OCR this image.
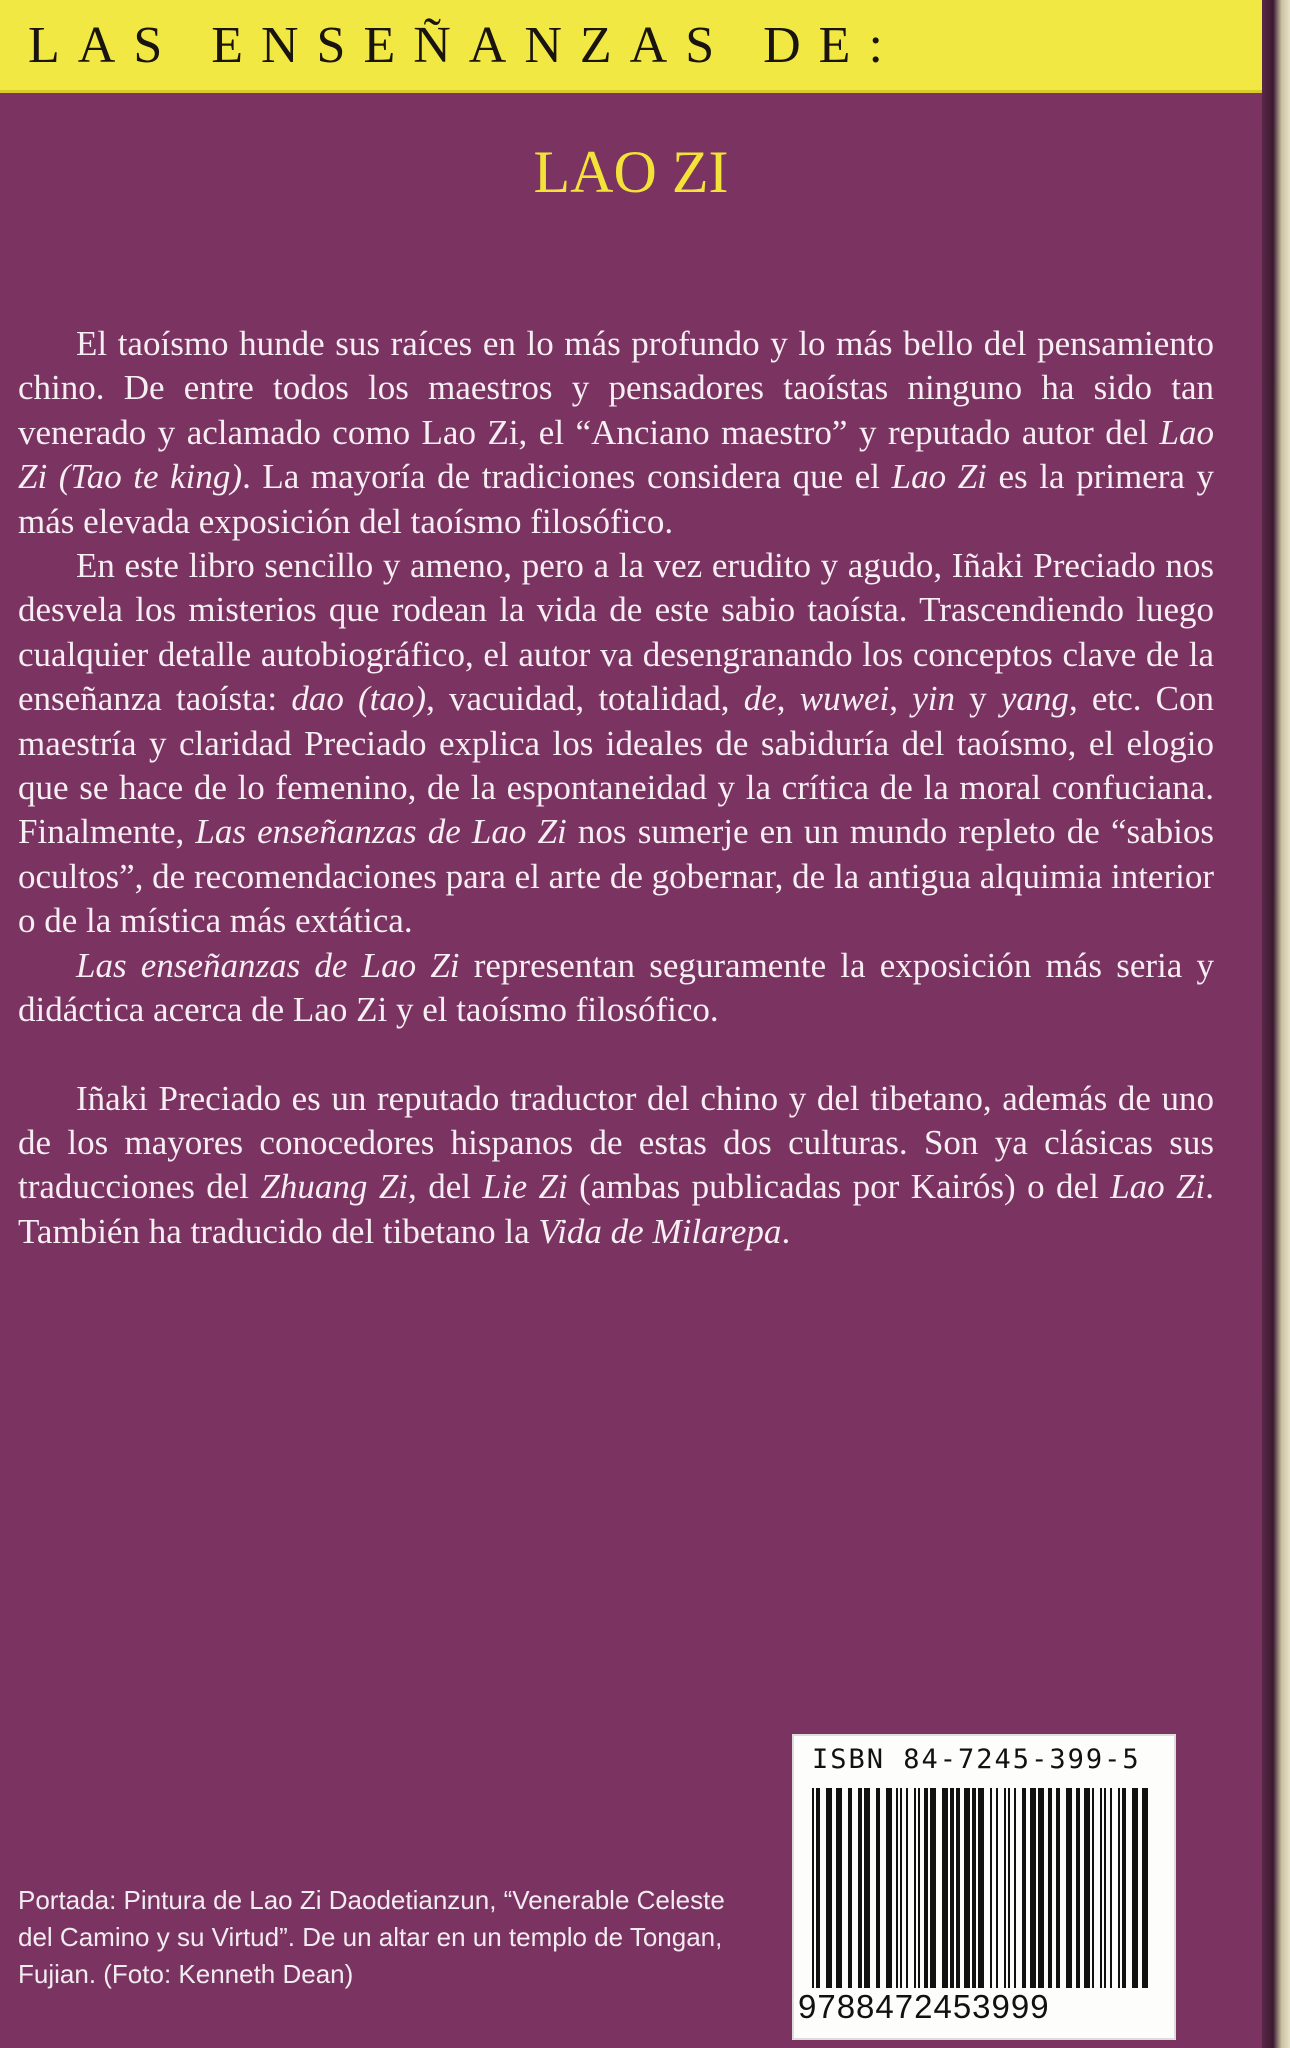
LAS ENSEÑANZAS DE:
LAO ZI

El taoísmo hunde sus raíces en lo más profundo y lo más bello del pensamiento chino. De entre todos los maestros y pensadores taoístas ninguno ha sido tan venerado y aclamado como Lao Zi, el “Anciano maestro” y reputado autor del Lao Zi (Tao te king). La mayoría de tradiciones considera que el Lao Zi es la primera y más elevada exposición del taoísmo filosófico.

En este libro sencillo y ameno, pero a la vez erudito y agudo, Iñaki Preciado nos desvela los misterios que rodean la vida de este sabio taoísta. Trascendiendo luego cualquier detalle autobiográfico, el autor va desengranando los conceptos clave de la enseñanza taoísta: dao (tao), vacuidad, totalidad, de, wuwei, yin y yang, etc. Con maestría y claridad Preciado explica los ideales de sabiduría del taoísmo, el elogio que se hace de lo femenino, de la espontaneidad y la crítica de la moral confuciana. Finalmente, Las enseñanzas de Lao Zi nos sumerje en un mundo repleto de “sabios ocultos”, de recomendaciones para el arte de gobernar, de la antigua alquimia interior o de la mística más extática.

Las enseñanzas de Lao Zi representan seguramente la exposición más seria y didáctica acerca de Lao Zi y el taoísmo filosófico.

Iñaki Preciado es un reputado traductor del chino y del tibetano, además de uno de los mayores conocedores hispanos de estas dos culturas. Son ya clásicas sus traducciones del Zhuang Zi, del Lie Zi (ambas publicadas por Kairós) o del Lao Zi. También ha traducido del tibetano la Vida de Milarepa.

Portada: Pintura de Lao Zi Daodetianzun, “Venerable Celeste del Camino y su Virtud”. De un altar en un templo de Tongan, Fujian. (Foto: Kenneth Dean)
ISBN 84-7245-399-5
9788472453999
